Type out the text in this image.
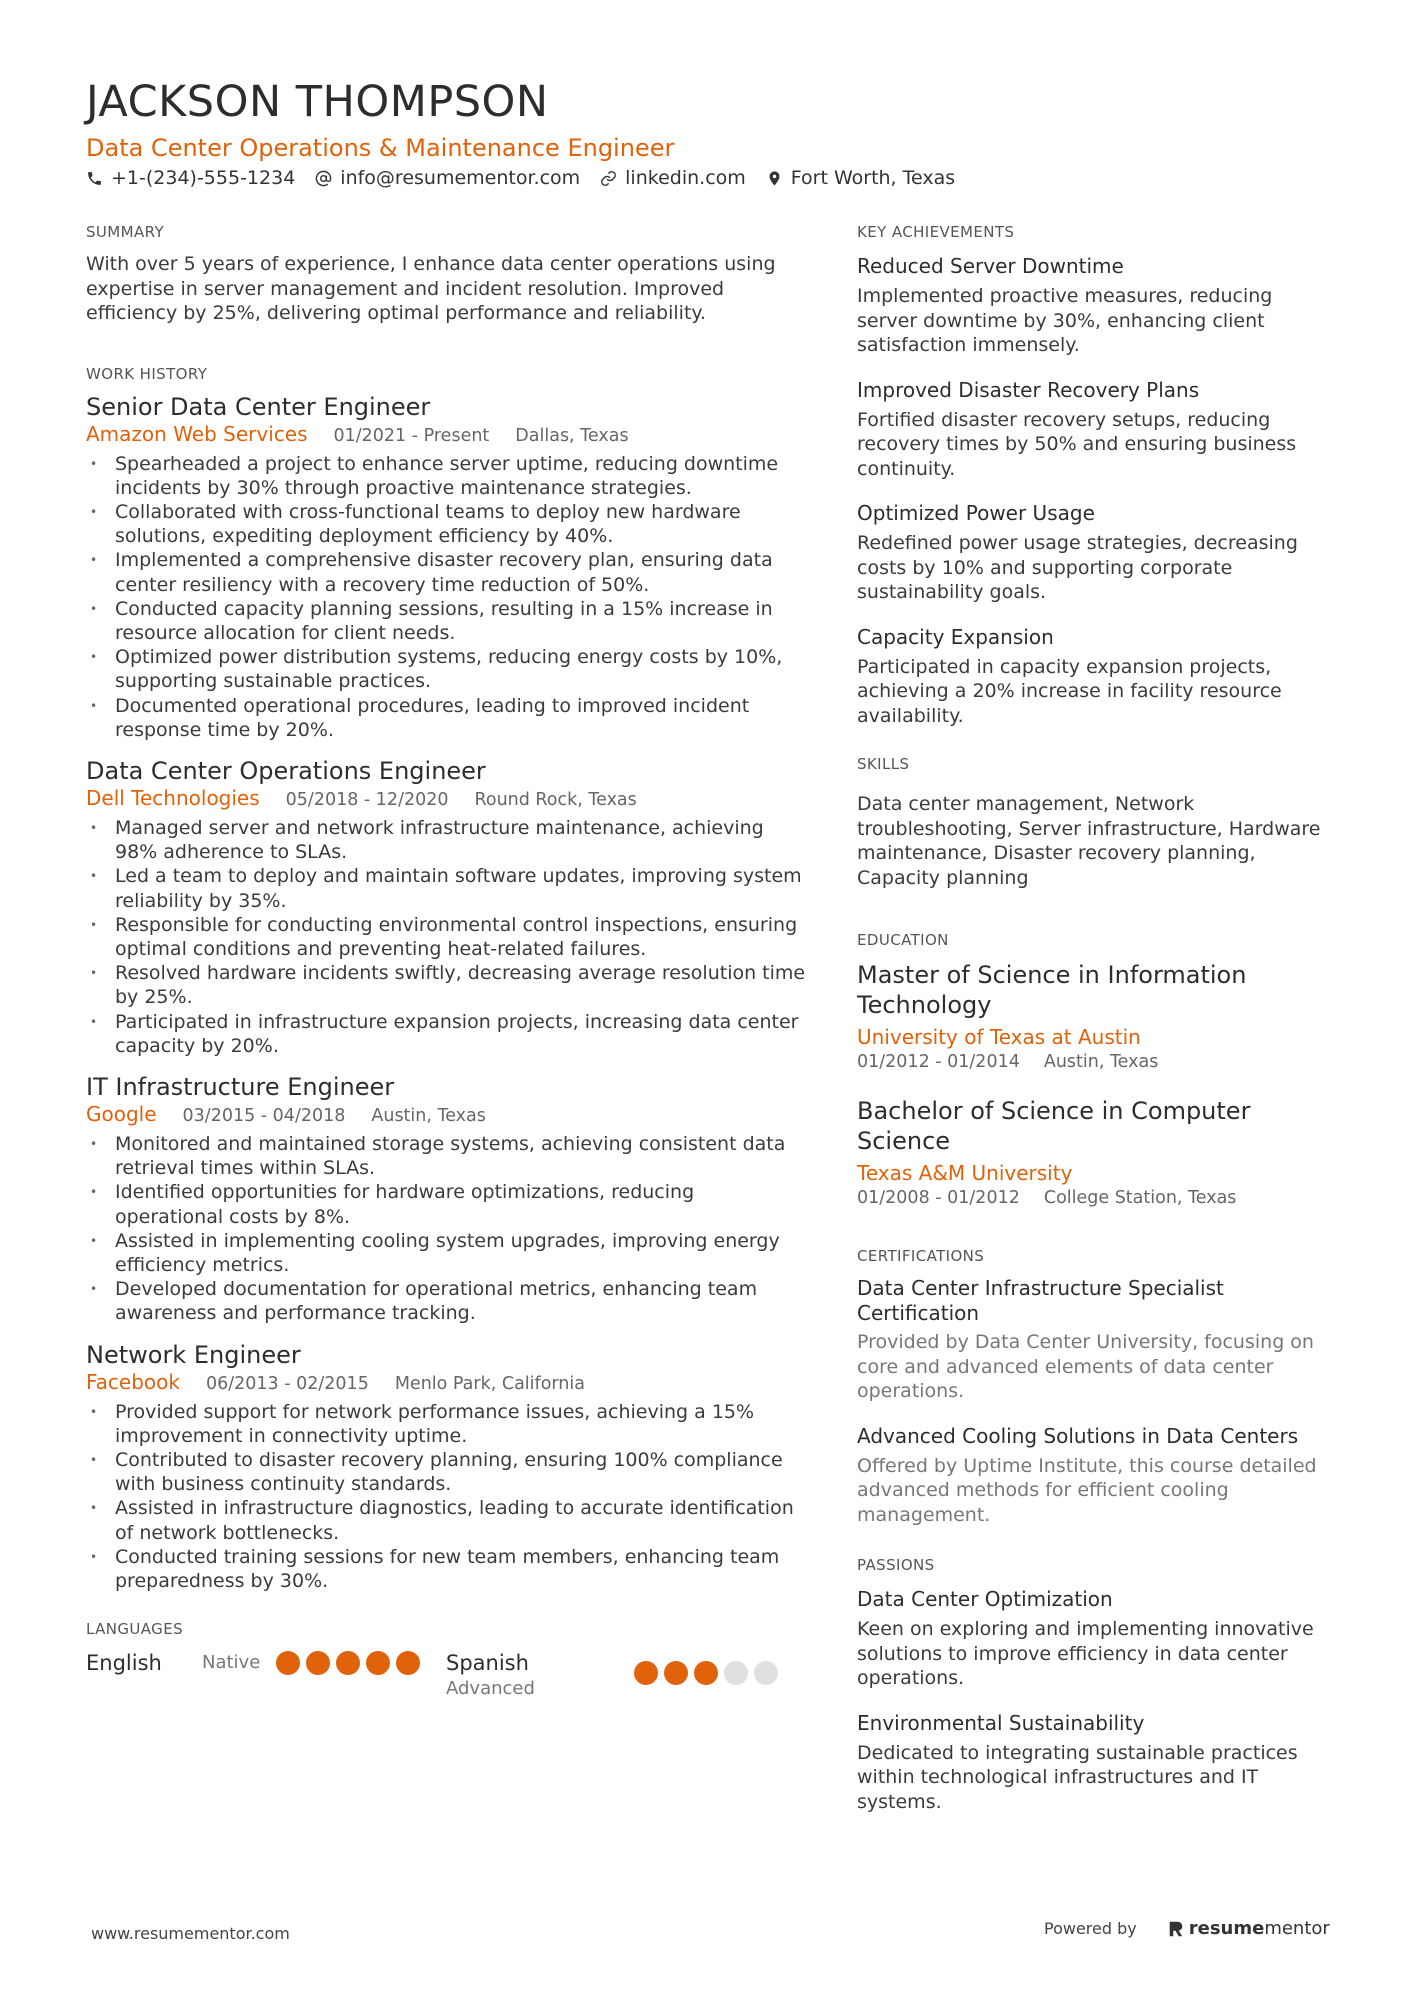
JACKSON THOMPSON
Data Center Operations & Maintenance Engineer
+1-(234)-555-1234 info@resumementor.com linkedin.com Fort Worth, Texas
SUMMARY

With over 5 years of experience, I enhance data center operations using expertise in server management and incident resolution. Improved efficiency by 25%, delivering optimal performance and reliability.

WORK HISTORY
Senior Data Center Engineer
Amazon Web Services 01/2021 - Present Dallas, Texas
• Spearheaded a project to enhance server uptime, reducing downtime incidents by 30% through proactive maintenance strategies.
• Collaborated with cross-functional teams to deploy new hardware solutions, expediting deployment efficiency by 40%.
• Implemented a comprehensive disaster recovery plan, ensuring data center resiliency with a recovery time reduction of 50%.
• Conducted capacity planning sessions, resulting in a 15% increase in resource allocation for client needs.
• Optimized power distribution systems, reducing energy costs by 10%, supporting sustainable practices.
• Documented operational procedures, leading to improved incident response time by 20%.
Data Center Operations Engineer
Dell Technologies 05/2018 - 12/2020 Round Rock, Texas
• Managed server and network infrastructure maintenance, achieving 98% adherence to SLAs.
• Led a team to deploy and maintain software updates, improving system reliability by 35%.
• Responsible for conducting environmental control inspections, ensuring optimal conditions and preventing heat-related failures.
• Resolved hardware incidents swiftly, decreasing average resolution time by 25%.
• Participated in infrastructure expansion projects, increasing data center capacity by 20%.
IT Infrastructure Engineer
Google 03/2015 - 04/2018 Austin, Texas
• Monitored and maintained storage systems, achieving consistent data retrieval times within SLAs.
• Identified opportunities for hardware optimizations, reducing operational costs by 8%.
• Assisted in implementing cooling system upgrades, improving energy efficiency metrics.
• Developed documentation for operational metrics, enhancing team awareness and performance tracking.
Network Engineer
Facebook 06/2013 - 02/2015 Menlo Park, California
• Provided support for network performance issues, achieving a 15% improvement in connectivity uptime.
• Contributed to disaster recovery planning, ensuring 100% compliance with business continuity standards.
• Assisted in infrastructure diagnostics, leading to accurate identification of network bottlenecks.
• Conducted training sessions for new team members, enhancing team preparedness by 30%.
LANGUAGES
English	Native	Spanish
Advanced
KEY ACHIEVEMENTS
Reduced Server Downtime

Implemented proactive measures, reducing server downtime by 30%, enhancing client satisfaction immensely.

Improved Disaster Recovery Plans

Fortified disaster recovery setups, reducing recovery times by 50% and ensuring business continuity.

Optimized Power Usage

Redefined power usage strategies, decreasing costs by 10% and supporting corporate sustainability goals.

Capacity Expansion

Participated in capacity expansion projects, achieving a 20% increase in facility resource availability.

SKILLS

Data center management, Network troubleshooting, Server infrastructure, Hardware maintenance, Disaster recovery planning, Capacity planning

EDUCATION
Master of Science in Information Technology
University of Texas at Austin
01/2012 - 01/2014 Austin, Texas
Bachelor of Science in Computer Science
Texas A&M University
01/2008 - 01/2012 College Station, Texas
CERTIFICATIONS
Data Center Infrastructure Specialist Certification

Provided by Data Center University, focusing on core and advanced elements of data center operations.

Advanced Cooling Solutions in Data Centers

Offered by Uptime Institute, this course detailed advanced methods for efficient cooling management.

PASSIONS
Data Center Optimization

Keen on exploring and implementing innovative solutions to improve efficiency in data center operations.

Environmental Sustainability

Dedicated to integrating sustainable practices within technological infrastructures and IT systems.

www.resumementor.com	Powered by	resume mentor
